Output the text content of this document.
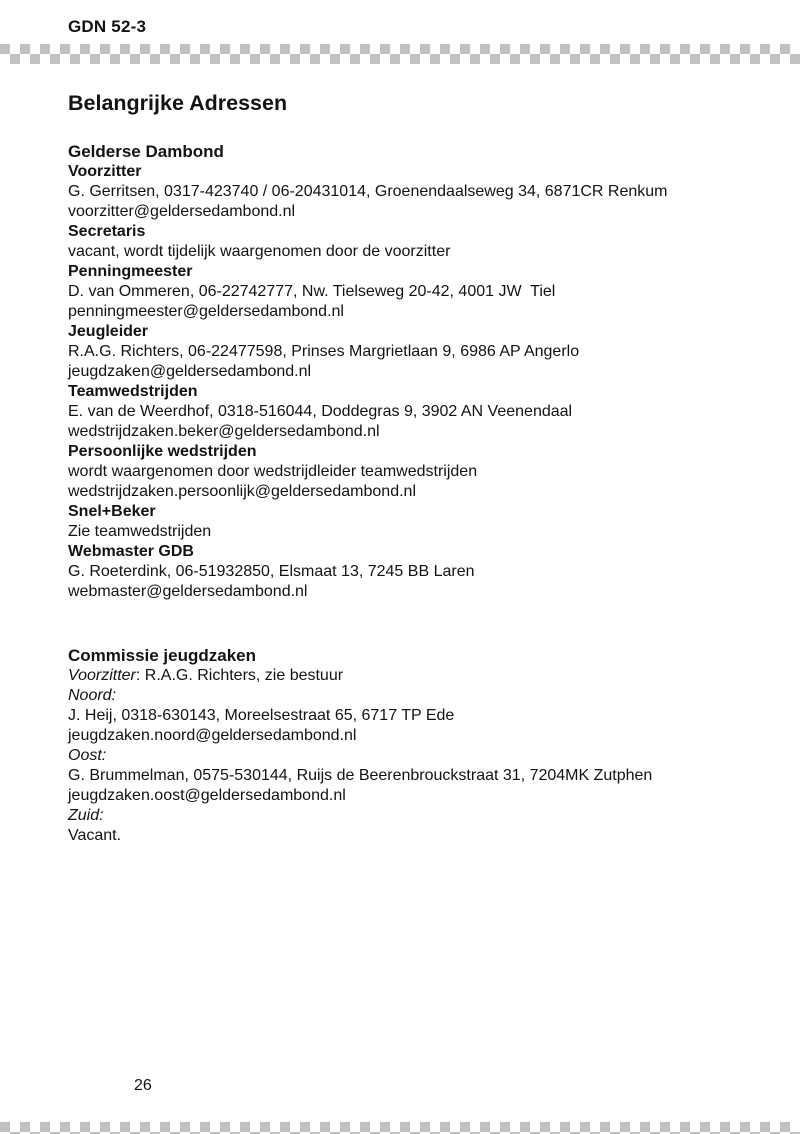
GDN 52-3
Belangrijke Adressen
Gelderse Dambond
Voorzitter
G. Gerritsen, 0317-423740 / 06-20431014, Groenendaalseweg 34, 6871CR Renkum
voorzitter@geldersedambond.nl
Secretaris
vacant, wordt tijdelijk waargenomen door de voorzitter
Penningmeester
D. van Ommeren, 06-22742777, Nw. Tielseweg 20-42, 4001 JW  Tiel
penningmeester@geldersedambond.nl
Jeugleider
R.A.G. Richters, 06-22477598, Prinses Margrietlaan 9, 6986 AP Angerlo
jeugdzaken@geldersedambond.nl
Teamwedstrijden
E. van de Weerdhof, 0318-516044, Doddegras 9, 3902 AN Veenendaal
wedstrijdzaken.beker@geldersedambond.nl
Persoonlijke wedstrijden
wordt waargenomen door wedstrijdleider teamwedstrijden
wedstrijdzaken.persoonlijk@geldersedambond.nl
Snel+Beker
Zie teamwedstrijden
Webmaster GDB
G. Roeterdink, 06-51932850, Elsmaat 13, 7245 BB Laren
webmaster@geldersedambond.nl
Commissie jeugdzaken
Voorzitter: R.A.G. Richters, zie bestuur
Noord:
J. Heij, 0318-630143, Moreelsestraat 65, 6717 TP Ede
jeugdzaken.noord@geldersedambond.nl
Oost:
G. Brummelman, 0575-530144, Ruijs de Beerenbrouckstraat 31, 7204MK Zutphen
jeugdzaken.oost@geldersedambond.nl
Zuid:
Vacant.
26
